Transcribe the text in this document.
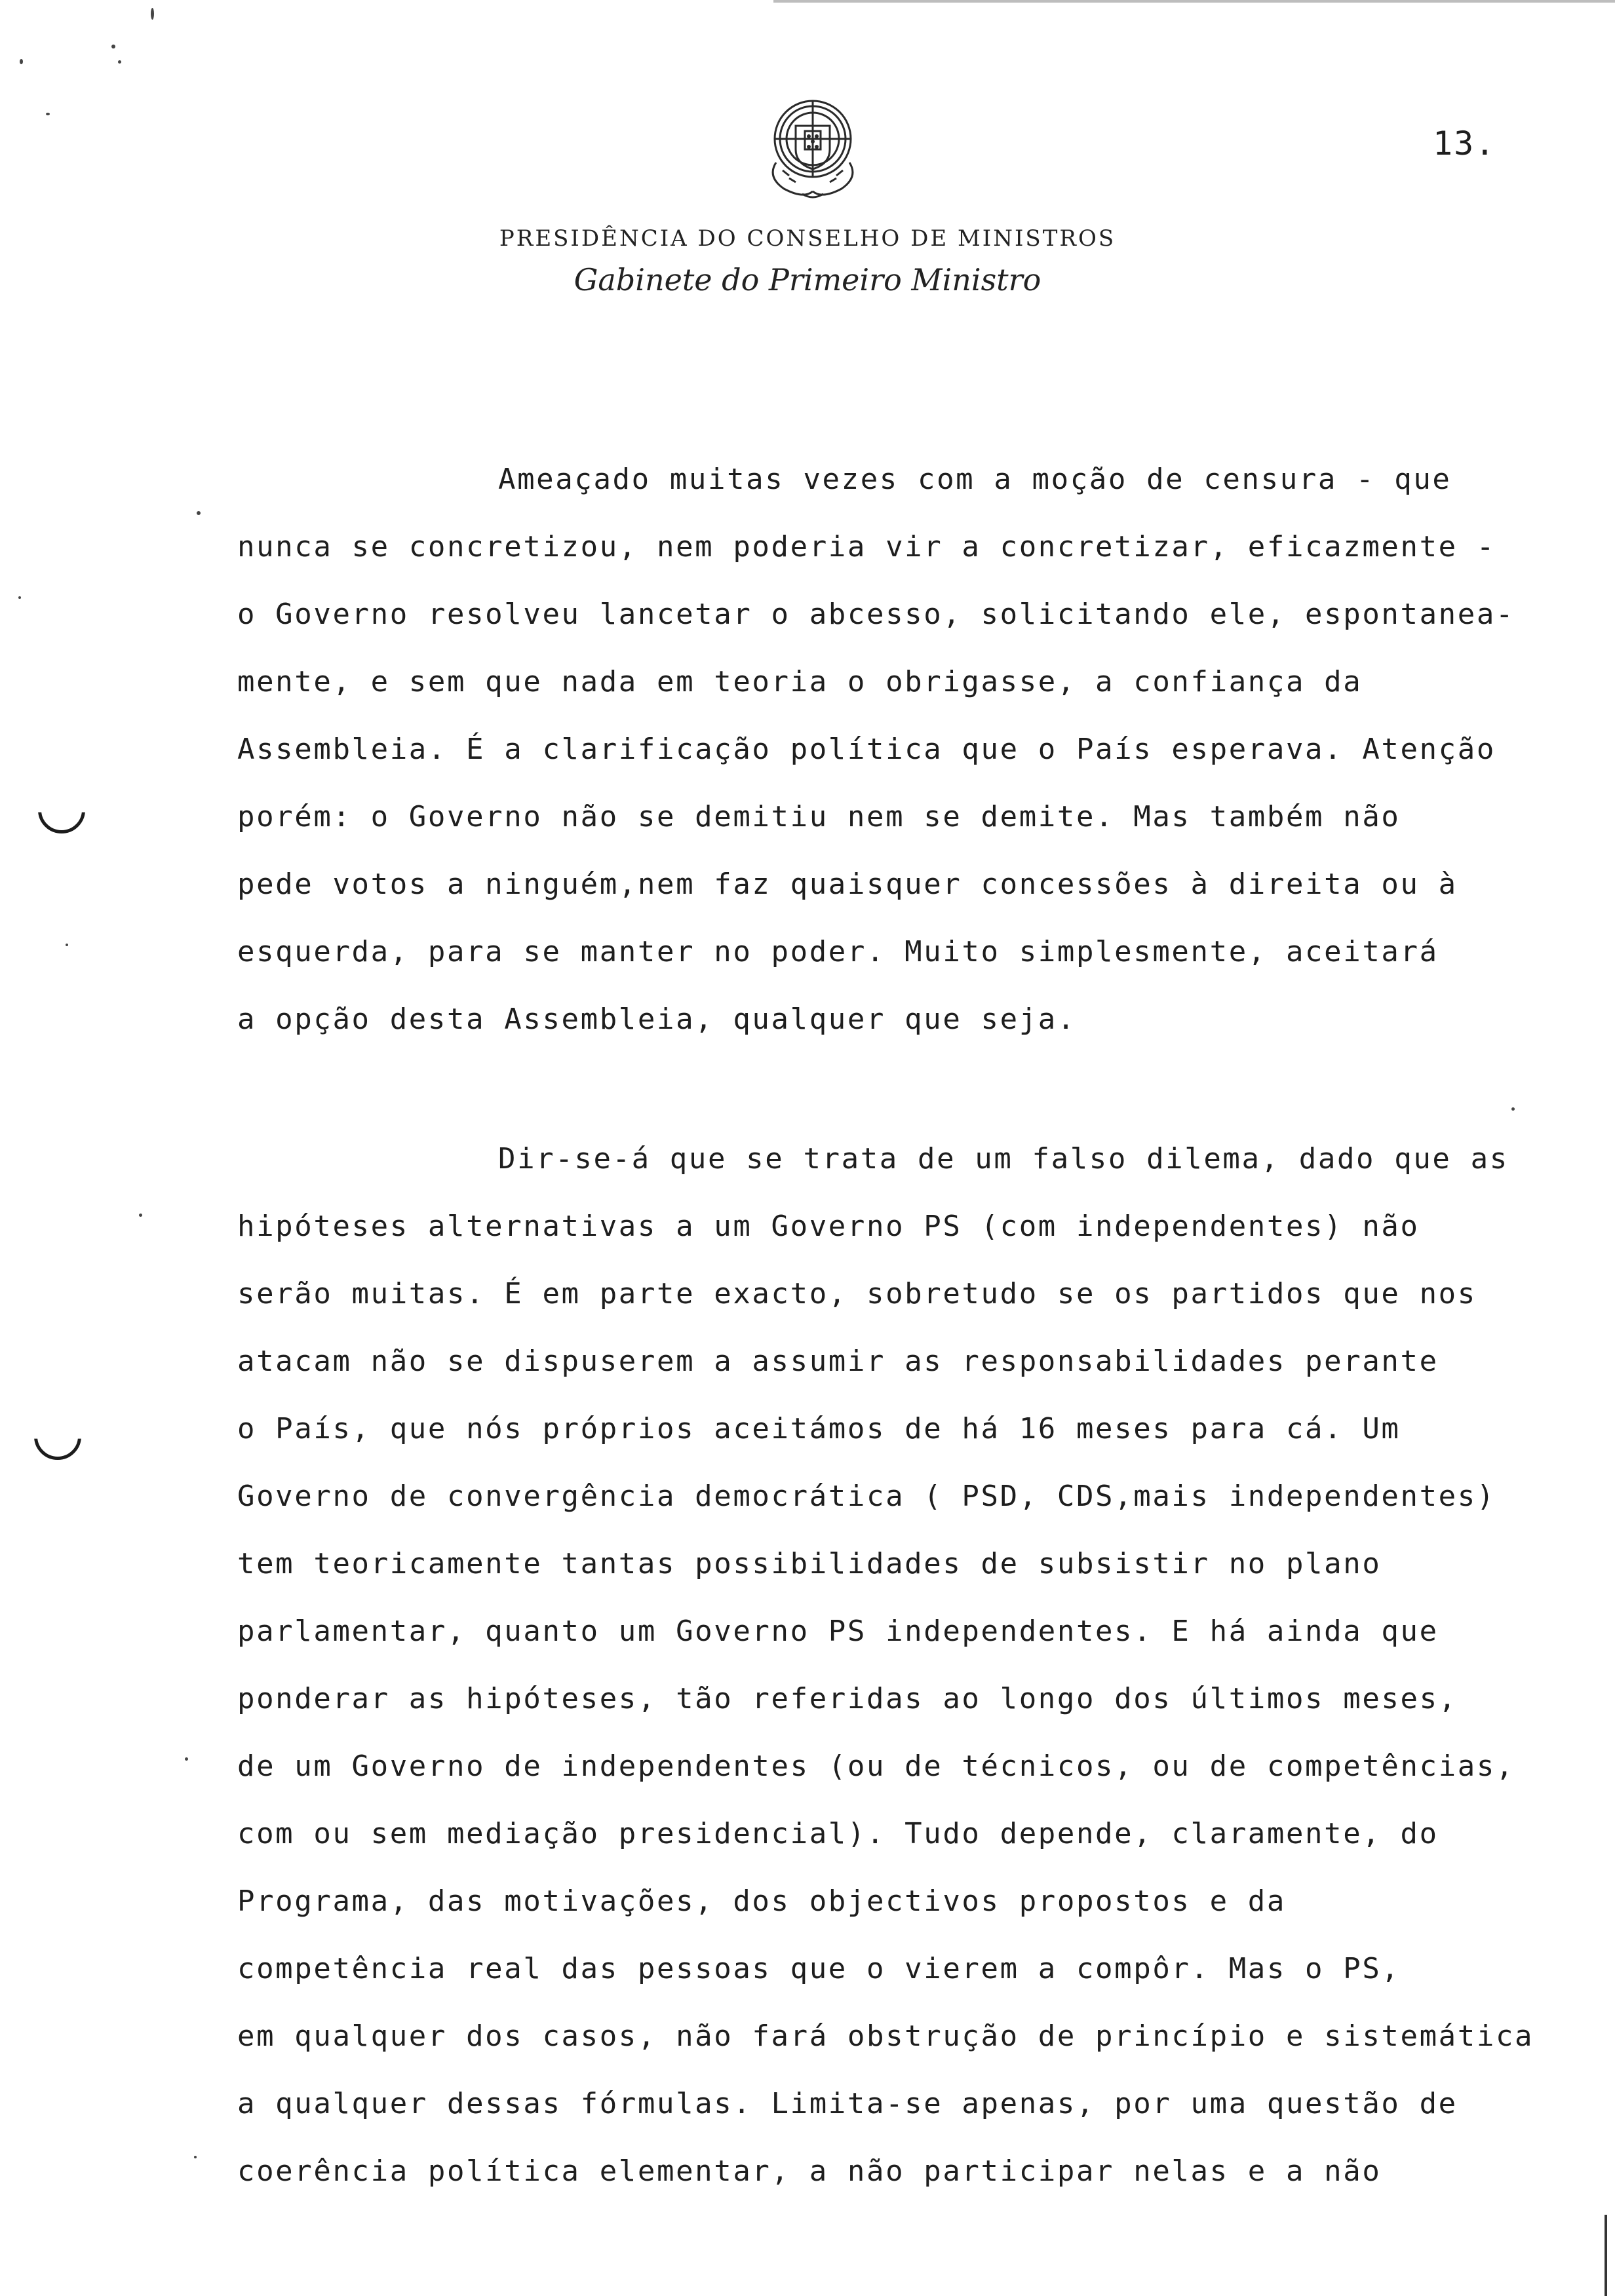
13.
PRESIDÊNCIA DO CONSELHO DE MINISTROS
Gabinete do Primeiro Ministro
Ameaçado muitas vezes com a moção de censura - que
nunca se concretizou, nem poderia vir a concretizar, eficazmente -
o Governo resolveu lancetar o abcesso, solicitando ele, espontanea-
mente, e sem que nada em teoria o obrigasse, a confiança da
Assembleia. É a clarificação política que o País esperava. Atenção
porém: o Governo não se demitiu nem se demite. Mas também não
pede votos a ninguém,nem faz quaisquer concessões à direita ou à
esquerda, para se manter no poder. Muito simplesmente, aceitará
a opção desta Assembleia, qualquer que seja.
Dir-se-á que se trata de um falso dilema, dado que as
hipóteses alternativas a um Governo PS (com independentes) não
serão muitas. É em parte exacto, sobretudo se os partidos que nos
atacam não se dispuserem a assumir as responsabilidades perante
o País, que nós próprios aceitámos de há 16 meses para cá. Um
Governo de convergência democrática ( PSD, CDS,mais independentes)
tem teoricamente tantas possibilidades de subsistir no plano
parlamentar, quanto um Governo PS independentes. E há ainda que
ponderar as hipóteses, tão referidas ao longo dos últimos meses,
de um Governo de independentes (ou de técnicos, ou de competências,
com ou sem mediação presidencial). Tudo depende, claramente, do
Programa, das motivações, dos objectivos propostos e da
competência real das pessoas que o vierem a compôr. Mas o PS,
em qualquer dos casos, não fará obstrução de princípio e sistemática
a qualquer dessas fórmulas. Limita-se apenas, por uma questão de
coerência política elementar, a não participar nelas e a não
